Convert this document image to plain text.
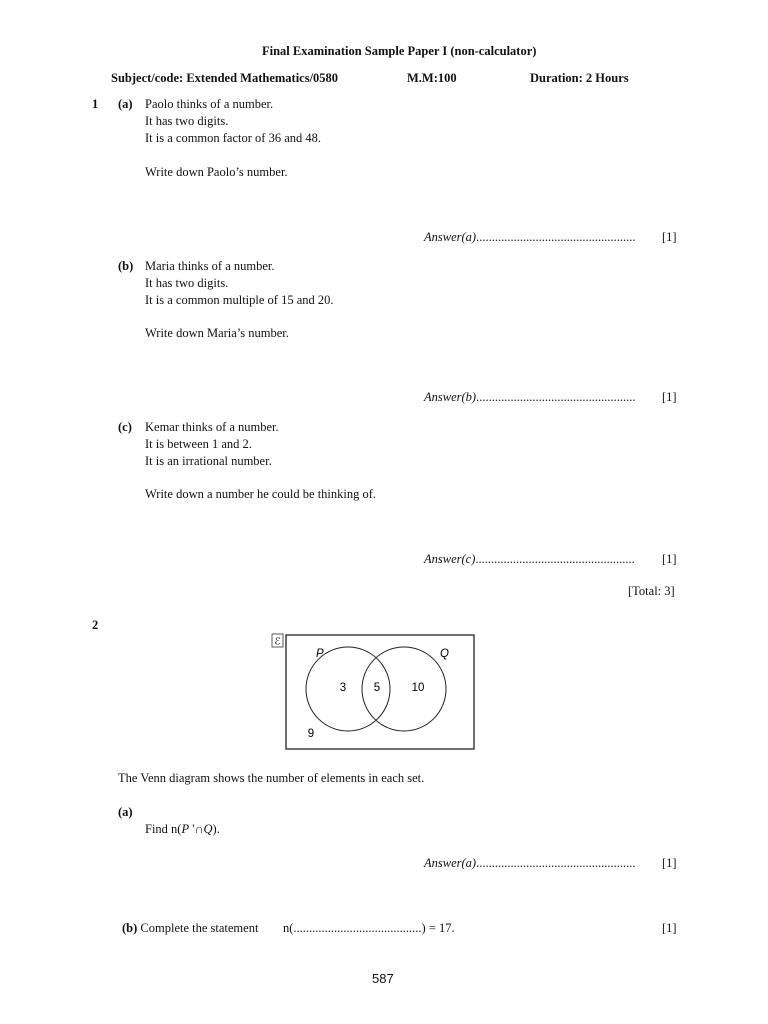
Final Examination Sample Paper I (non-calculator)
Subject/code: Extended Mathematics/0580	M.M:100	Duration: 2 Hours
1 (a) Paolo thinks of a number.
It has two digits.
It is a common factor of 36 and 48.
Write down Paolo’s number.
Answer(a)................................................... [1]
(b) Maria thinks of a number.
It has two digits.
It is a common multiple of 15 and 20.
Write down Maria’s number.
Answer(b)................................................... [1]
(c) Kemar thinks of a number.
It is between 1 and 2.
It is an irrational number.
Write down a number he could be thinking of.
Answer(c)................................................... [1]
[Total: 3]
2
ℰ
P	Q
3 5	10
9
The Venn diagram shows the number of elements in each set.
(a)
Find n(P '∩Q).
Answer(a)................................................... [1]
(b) Complete the statement n(.........................................) = 17.	[1]
587
